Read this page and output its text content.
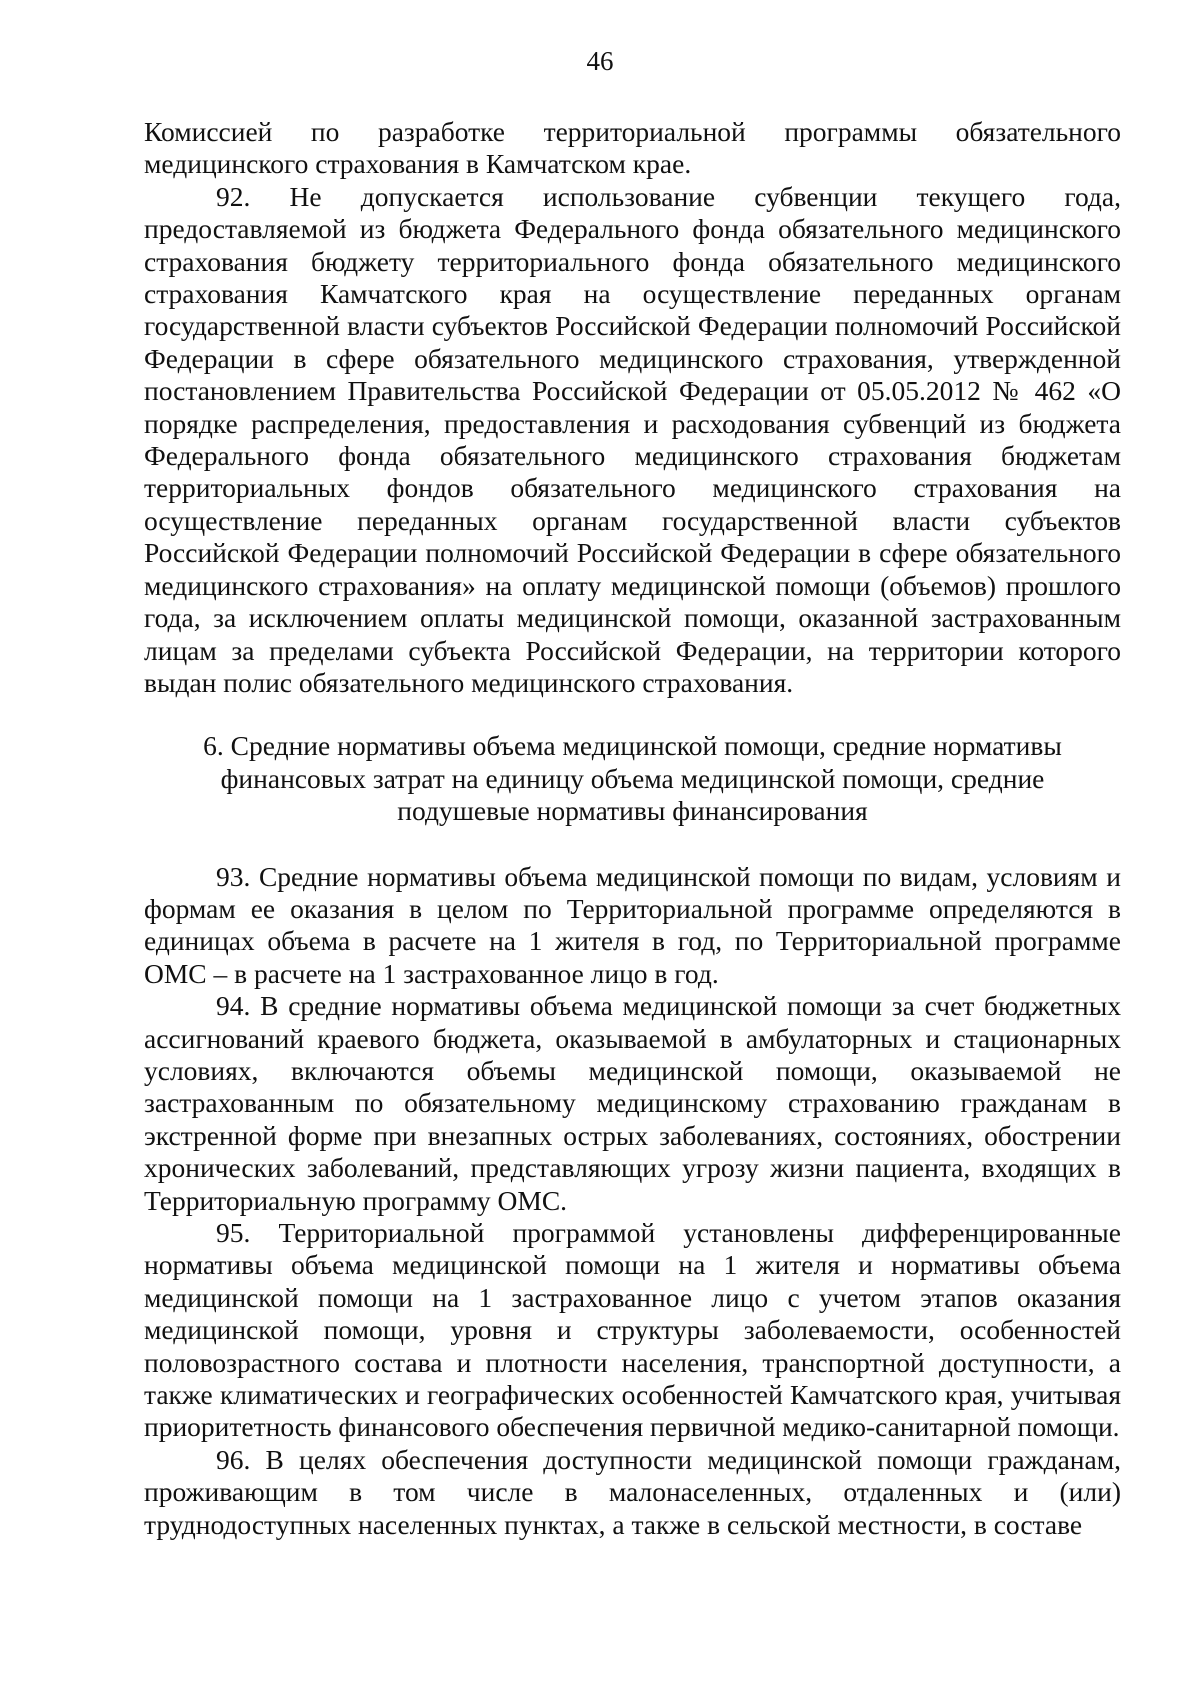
46

Комиссией по разработке территориальной программы обязательного медицинского страхования в Камчатском крае.

92. Не допускается использование субвенции текущего года, предоставляемой из бюджета Федерального фонда обязательного медицинского страхования бюджету территориального фонда обязательного медицинского страхования Камчатского края на осуществление переданных органам государственной власти субъектов Российской Федерации полномочий Российской Федерации в сфере обязательного медицинского страхования, утвержденной постановлением Правительства Российской Федерации от 05.05.2012 № 462 «О порядке распределения, предоставления и расходования субвенций из бюджета Федерального фонда обязательного медицинского страхования бюджетам территориальных фондов обязательного медицинского страхования на осуществление переданных органам государственной власти субъектов Российской Федерации полномочий Российской Федерации в сфере обязательного медицинского страхования» на оплату медицинской помощи (объемов) прошлого года, за исключением оплаты медицинской помощи, оказанной застрахованным лицам за пределами субъекта Российской Федерации, на территории которого выдан полис обязательного медицинского страхования.

6. Средние нормативы объема медицинской помощи, средние нормативы
финансовых затрат на единицу объема медицинской помощи, средние
подушевые нормативы финансирования

93. Средние нормативы объема медицинской помощи по видам, условиям и формам ее оказания в целом по Территориальной программе определяются в единицах объема в расчете на 1 жителя в год, по Территориальной программе ОМС – в расчете на 1 застрахованное лицо в год.

94. В средние нормативы объема медицинской помощи за счет бюджетных ассигнований краевого бюджета, оказываемой в амбулаторных и стационарных условиях, включаются объемы медицинской помощи, оказываемой не застрахованным по обязательному медицинскому страхованию гражданам в экстренной форме при внезапных острых заболеваниях, состояниях, обострении хронических заболеваний, представляющих угрозу жизни пациента, входящих в Территориальную программу ОМС.

95. Территориальной программой установлены дифференцированные нормативы объема медицинской помощи на 1 жителя и нормативы объема медицинской помощи на 1 застрахованное лицо с учетом этапов оказания медицинской помощи, уровня и структуры заболеваемости, особенностей половозрастного состава и плотности населения, транспортной доступности, а также климатических и географических особенностей Камчатского края, учитывая приоритетность финансового обеспечения первичной медико-санитарной помощи.

96. В целях обеспечения доступности медицинской помощи гражданам, проживающим в том числе в малонаселенных, отдаленных и (или) труднодоступных населенных пунктах, а также в сельской местности, в составе
